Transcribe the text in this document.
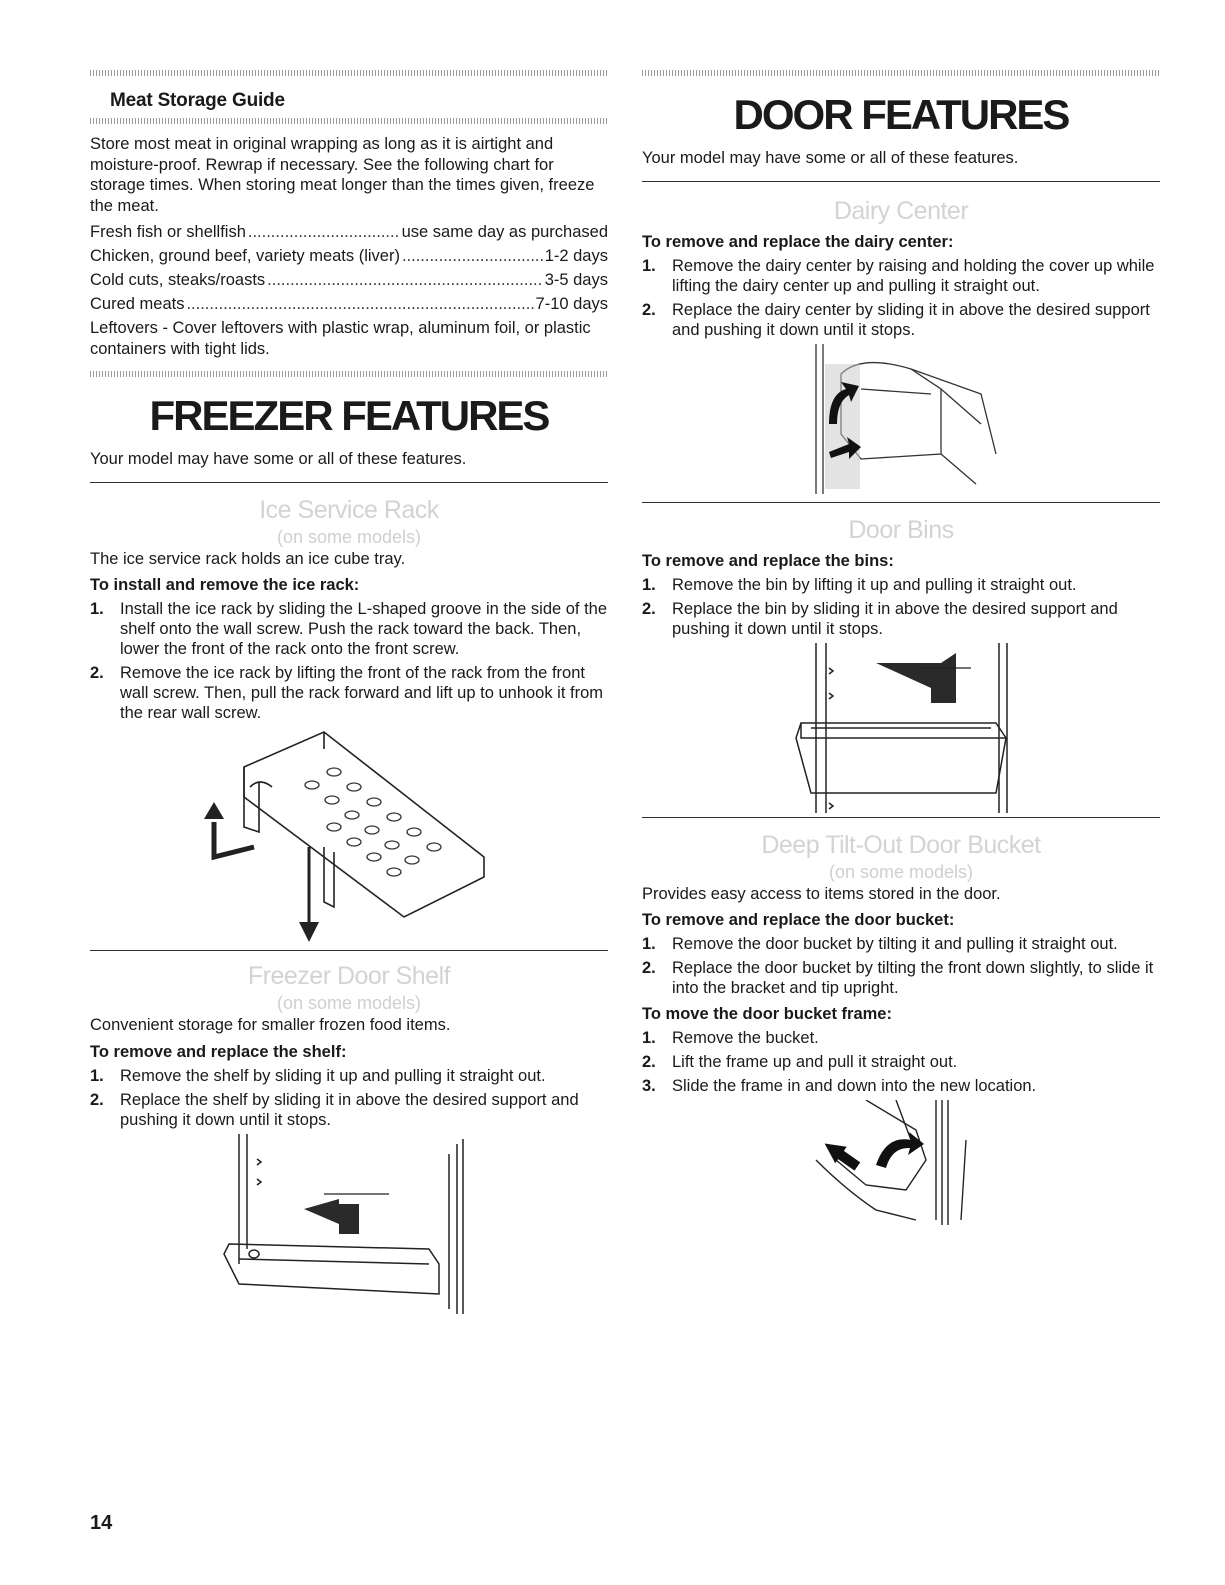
Meat Storage Guide

Store most meat in original wrapping as long as it is airtight and moisture-proof. Rewrap if necessary. See the following chart for storage times. When storing meat longer than the times given, freeze the meat.

Fresh fish or shellfish .....	use same day as purchased
Chicken, ground beef, variety meats (liver) .....	1-2 days
Cold cuts, steaks/roasts .....	3-5 days
Cured meats .....	7-10 days

Leftovers - Cover leftovers with plastic wrap, aluminum foil, or plastic containers with tight lids.

FREEZER FEATURES

Your model may have some or all of these features.

Ice Service Rack
(on some models)

The ice service rack holds an ice cube tray.

To install and remove the ice rack:
1. Install the ice rack by sliding the L-shaped groove in the side of the shelf onto the wall screw. Push the rack toward the back. Then, lower the front of the rack onto the front screw.
2. Remove the ice rack by lifting the front of the rack from the front wall screw. Then, pull the rack forward and lift up to unhook it from the rear wall screw.
Freezer Door Shelf
(on some models)

Convenient storage for smaller frozen food items.

To remove and replace the shelf:
1. Remove the shelf by sliding it up and pulling it straight out.
2. Replace the shelf by sliding it in above the desired support and pushing it down until it stops.
DOOR FEATURES

Your model may have some or all of these features.

Dairy Center
To remove and replace the dairy center:
1. Remove the dairy center by raising and holding the cover up while lifting the dairy center up and pulling it straight out.
2. Replace the dairy center by sliding it in above the desired support and pushing it down until it stops.
Door Bins
To remove and replace the bins:
1. Remove the bin by lifting it up and pulling it straight out.
2. Replace the bin by sliding it in above the desired support and pushing it down until it stops.
Deep Tilt-Out Door Bucket
(on some models)

Provides easy access to items stored in the door.

To remove and replace the door bucket:
1. Remove the door bucket by tilting it and pulling it straight out.
2. Replace the door bucket by tilting the front down slightly, to slide it into the bracket and tip upright.
To move the door bucket frame:
1. Remove the bucket.
2. Lift the frame up and pull it straight out.
3. Slide the frame in and down into the new location.
14
